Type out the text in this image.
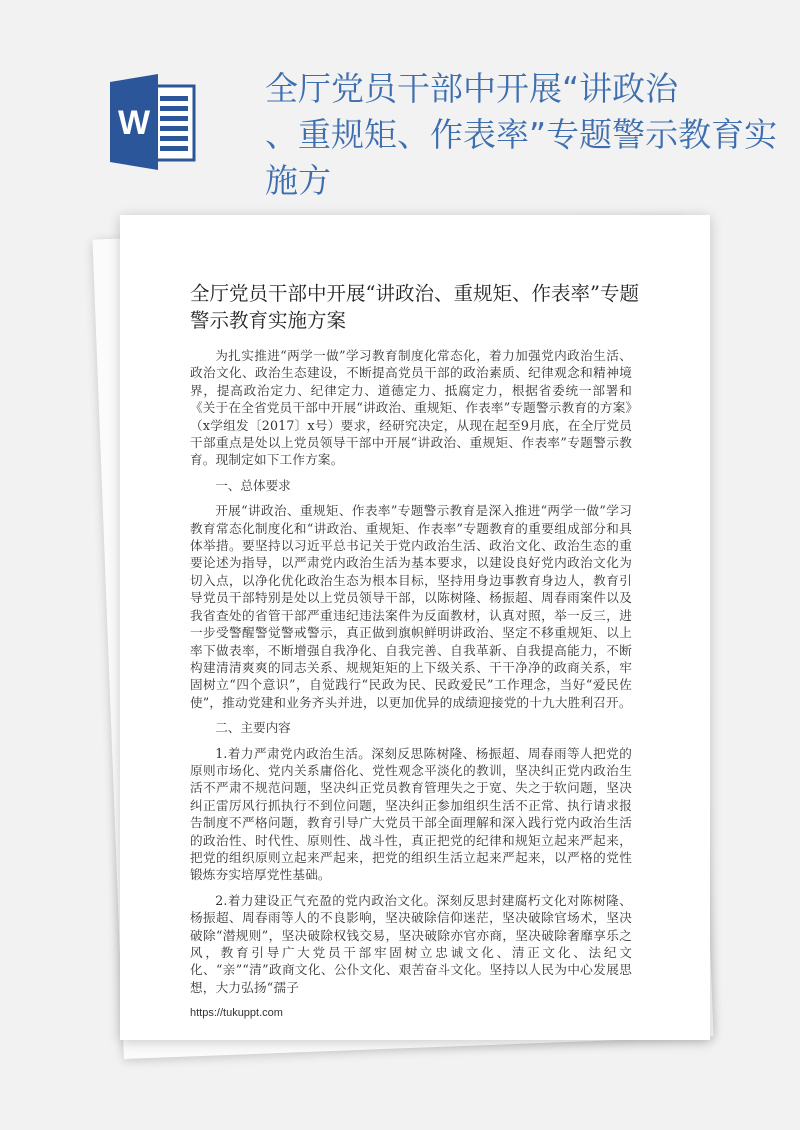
W
全厅党员干部中开展“讲政治
、重规矩、作表率”专题警示教育实施方
全厅党员干部中开展“讲政治、重规矩、作表率”专题警示教育实施方案

为扎实推进“两学一做”学习教育制度化常态化，着力加强党内政治生活、政治文化、政治生态建设，不断提高党员干部的政治素质、纪律观念和精神境界，提高政治定力、纪律定力、道德定力、抵腐定力，根据省委统一部署和《关于在全省党员干部中开展“讲政治、重规矩、作表率”专题警示教育的方案》（x学组发〔2017〕x号）要求，经研究决定，从现在起至9月底，在全厅党员干部重点是处以上党员领导干部中开展“讲政治、重规矩、作表率”专题警示教育。现制定如下工作方案。

一、总体要求

开展“讲政治、重规矩、作表率”专题警示教育是深入推进“两学一做”学习教育常态化制度化和“讲政治、重规矩、作表率”专题教育的重要组成部分和具体举措。要坚持以习近平总书记关于党内政治生活、政治文化、政治生态的重要论述为指导，以严肃党内政治生活为基本要求，以建设良好党内政治文化为切入点，以净化优化政治生态为根本目标，坚持用身边事教育身边人，教育引导党员干部特别是处以上党员领导干部，以陈树隆、杨振超、周春雨案件以及我省查处的省管干部严重违纪违法案件为反面教材，认真对照，举一反三，进一步受警醒警觉警戒警示，真正做到旗帜鲜明讲政治、坚定不移重规矩、以上率下做表率，不断增强自我净化、自我完善、自我革新、自我提高能力，不断构建清清爽爽的同志关系、规规矩矩的上下级关系、干干净净的政商关系，牢固树立“四个意识”，自觉践行“民政为民、民政爱民”工作理念，当好“爱民佐使”，推动党建和业务齐头并进，以更加优异的成绩迎接党的十九大胜利召开。

二、主要内容

1.着力严肃党内政治生活。深刻反思陈树隆、杨振超、周春雨等人把党的原则市场化、党内关系庸俗化、党性观念平淡化的教训，坚决纠正党内政治生活不严肃不规范问题，坚决纠正党员教育管理失之于宽、失之于软问题，坚决纠正雷厉风行抓执行不到位问题，坚决纠正参加组织生活不正常、执行请求报告制度不严格问题，教育引导广大党员干部全面理解和深入践行党内政治生活的政治性、时代性、原则性、战斗性，真正把党的纪律和规矩立起来严起来，把党的组织原则立起来严起来，把党的组织生活立起来严起来，以严格的党性锻炼夯实培厚党性基础。

2.着力建设正气充盈的党内政治文化。深刻反思封建腐朽文化对陈树隆、杨振超、周春雨等人的不良影响，坚决破除信仰迷茫，坚决破除官场术，坚决破除“潜规则”，坚决破除权钱交易，坚决破除亦官亦商，坚决破除奢靡享乐之风，教育引导广大党员干部牢固树立忠诚文化、清正文化、法纪文化、“亲”“清”政商文化、公仆文化、艰苦奋斗文化。坚持以人民为中心发展思想，大力弘扬“孺子

https://tukuppt.com
